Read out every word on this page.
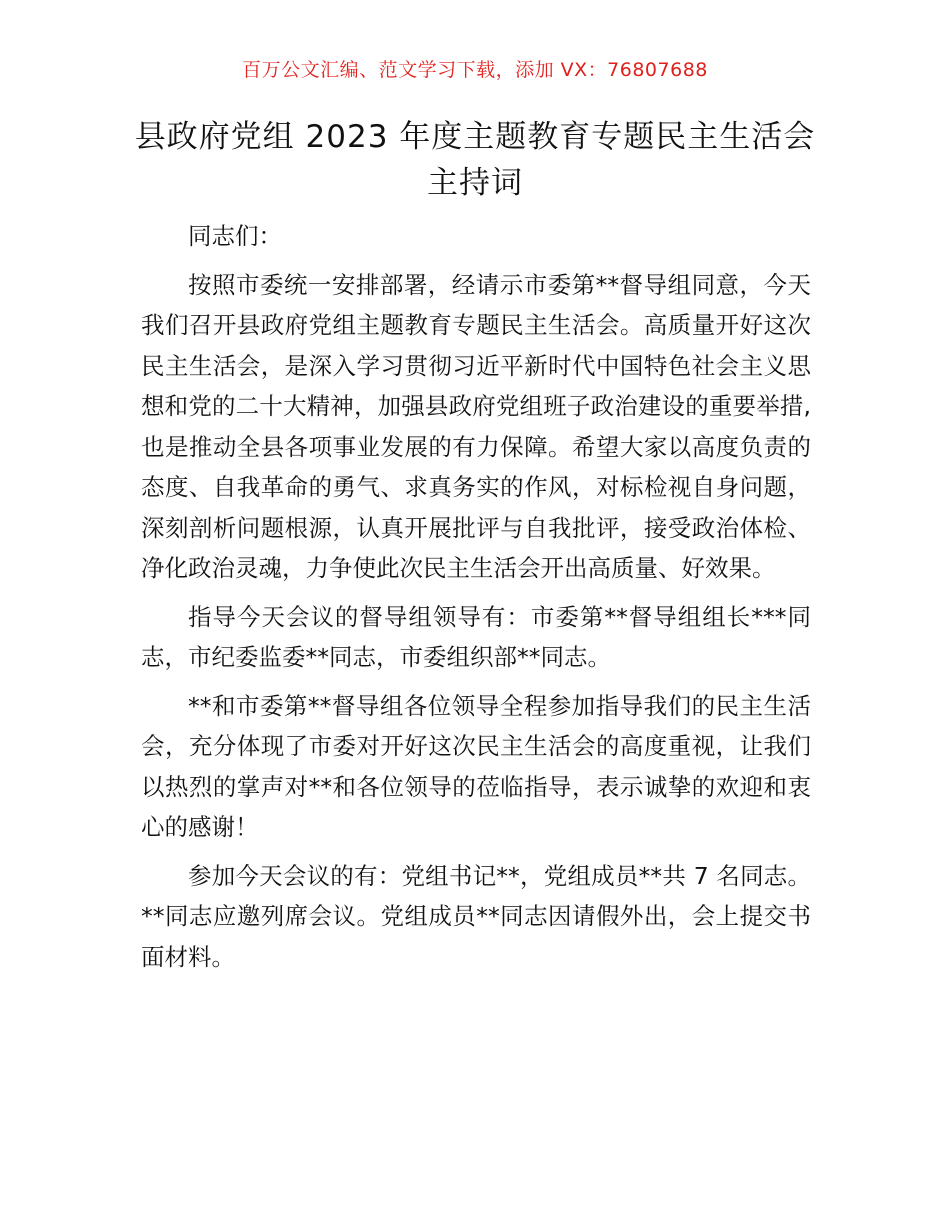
百万公文汇编、范文学习下载，添加 VX：76807688
县政府党组 2023 年度主题教育专题民主生活会
主持词

同志们：

按照市委统一安排部署，经请示市委第**督导组同意，今天我们召开县政府党组主题教育专题民主生活会。高质量开好这次民主生活会，是深入学习贯彻习近平新时代中国特色社会主义思想和党的二十大精神，加强县政府党组班子政治建设的重要举措,也是推动全县各项事业发展的有力保障。希望大家以高度负责的态度、自我革命的勇气、求真务实的作风，对标检视自身问题，深刻剖析问题根源，认真开展批评与自我批评，接受政治体检、净化政治灵魂，力争使此次民主生活会开出高质量、好效果。

指导今天会议的督导组领导有：市委第**督导组组长***同志，市纪委监委**同志，市委组织部**同志。

**和市委第**督导组各位领导全程参加指导我们的民主生活会，充分体现了市委对开好这次民主生活会的高度重视，让我们以热烈的掌声对**和各位领导的莅临指导，表示诚挚的欢迎和衷心的感谢！

参加今天会议的有：党组书记**，党组成员**共 7 名同志。**同志应邀列席会议。党组成员**同志因请假外出，会上提交书面材料。
